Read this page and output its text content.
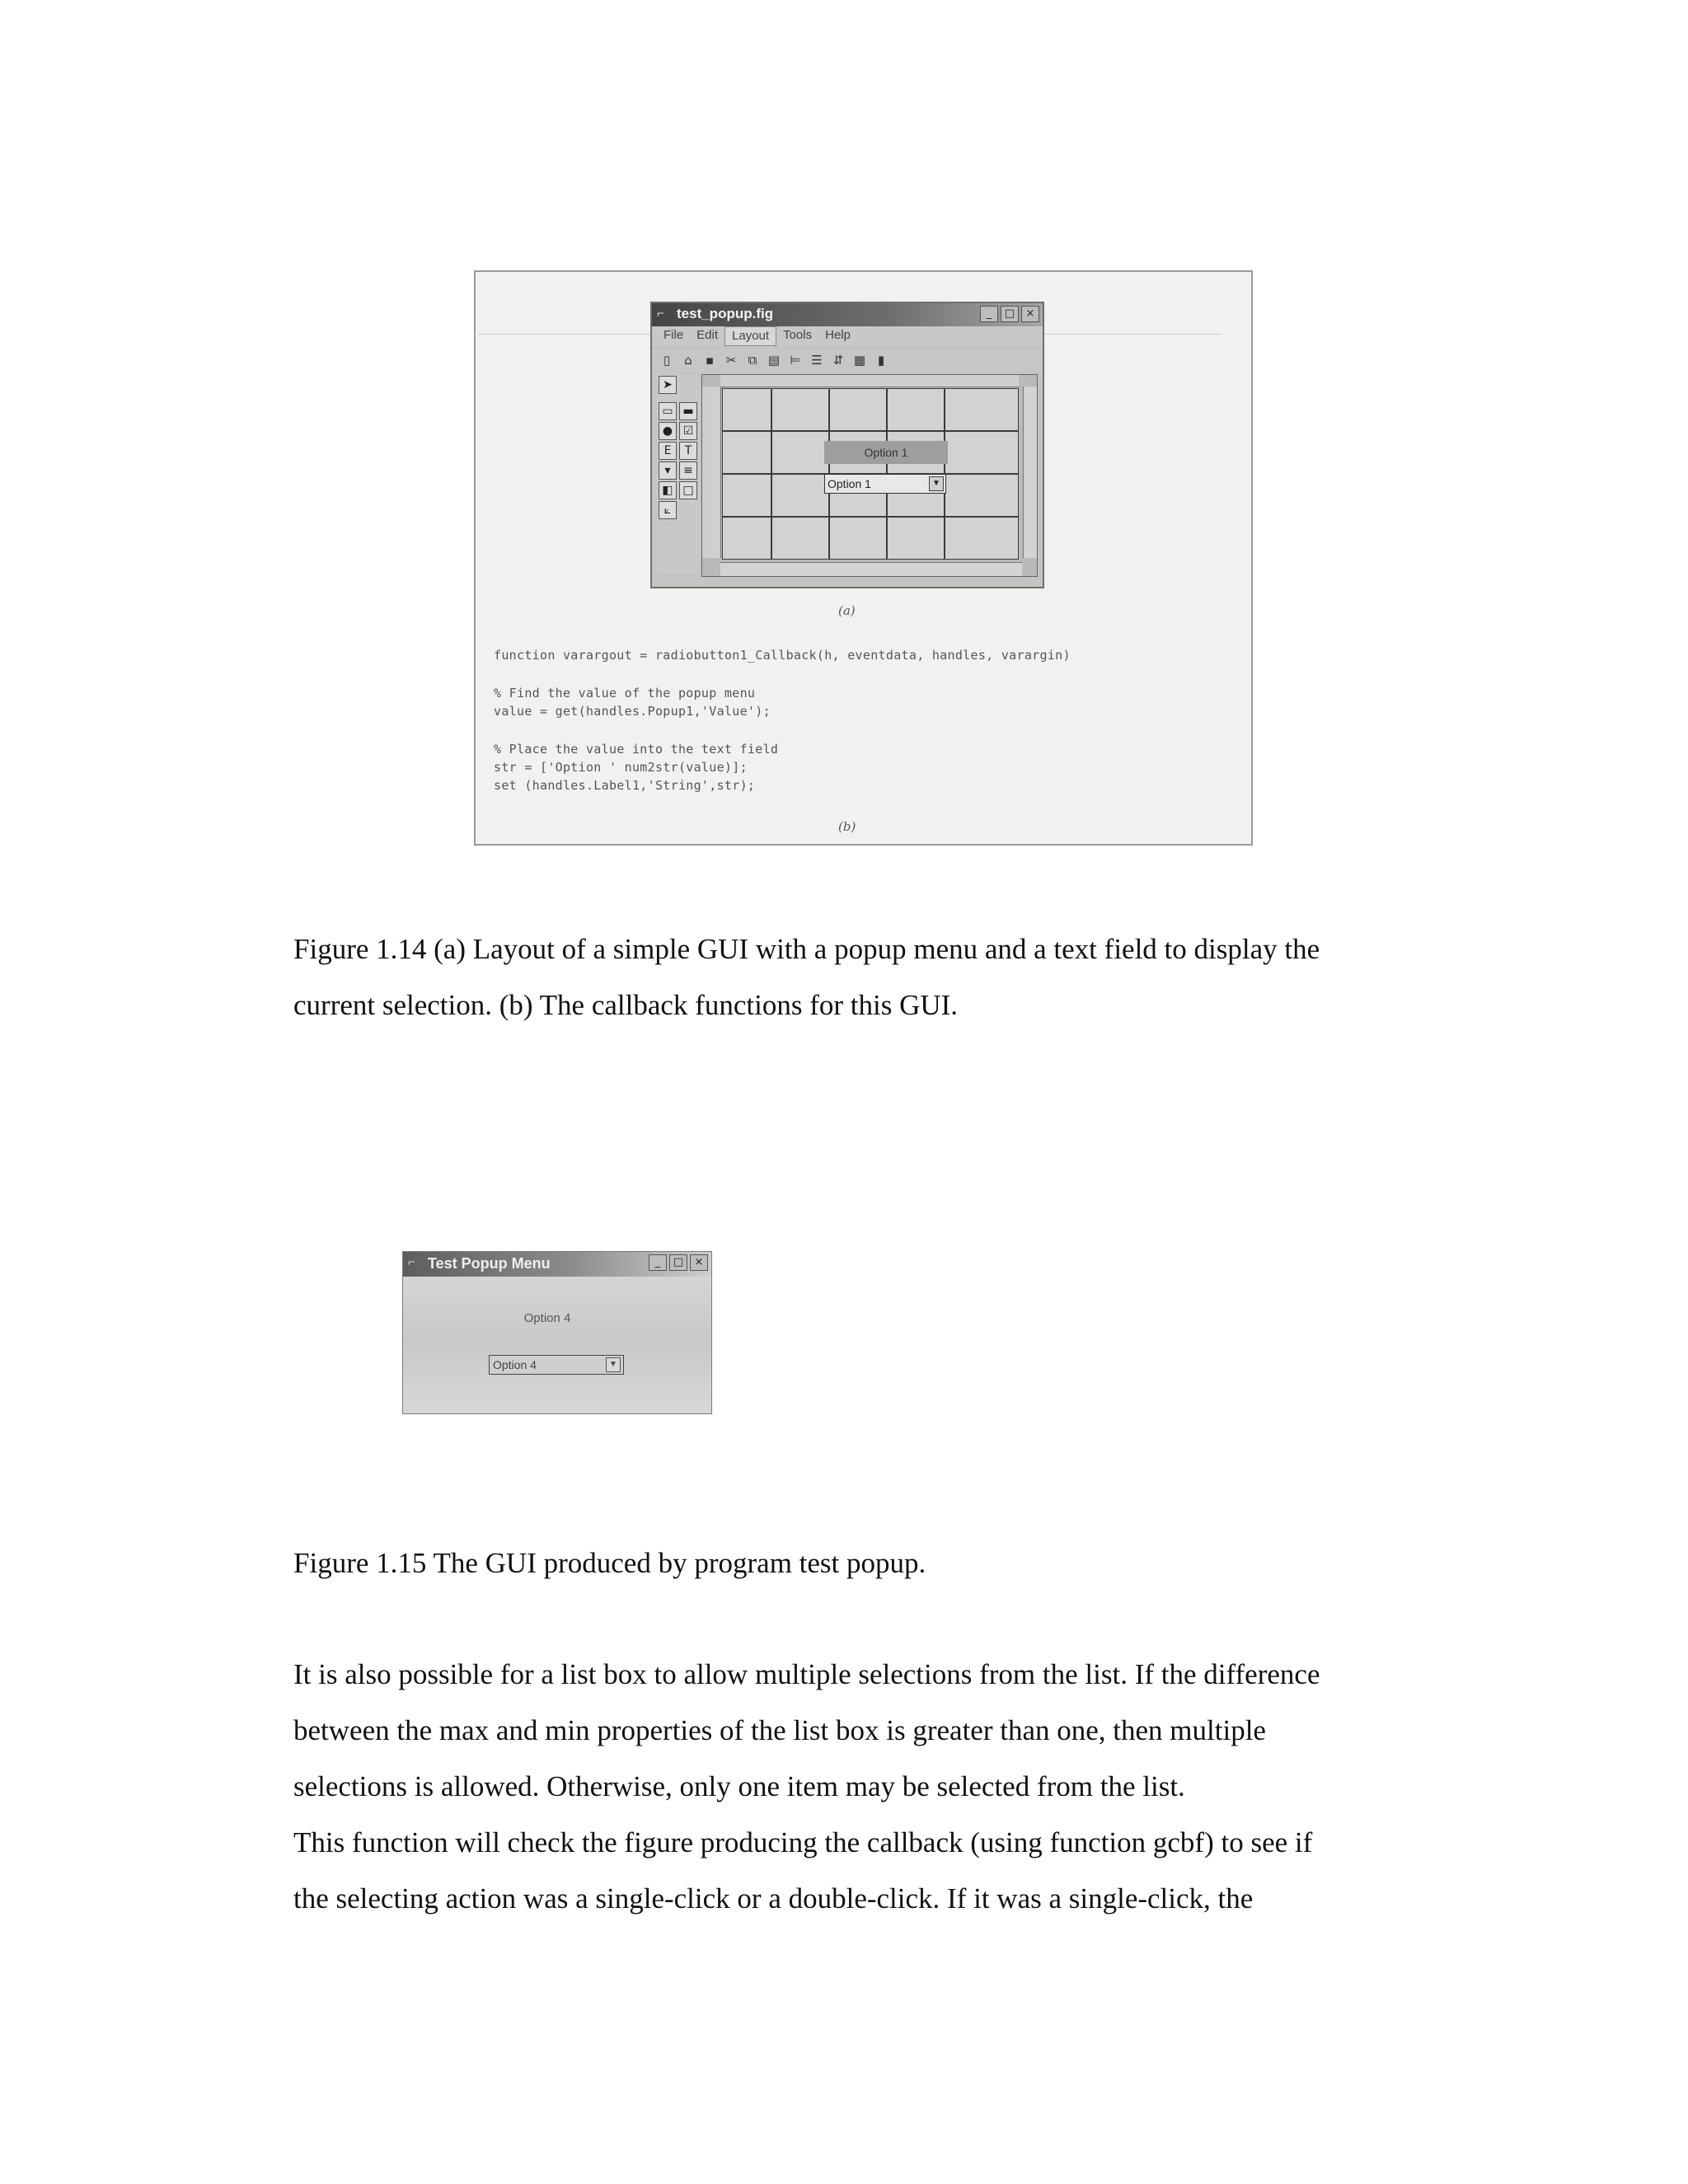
⌐ test_popup.fig	_	□	×
File	Edit	Layout	Tools	Help
▯	⌂	▪ ✂ ⧉ ▤ ⊨ ☰ ⇵ ▦ ▮
➤
▭ ▬
● ☑
E	T
▾	≡
◧ □
⟀
Option 1
Option 1	▼
(a)
function varargout = radiobutton1_Callback(h, eventdata, handles, varargin)
% Find the value of the popup menu
value = get(handles.Popup1,'Value');
% Place the value into the text field
str = ['Option ' num2str(value)];
set (handles.Label1,'String',str);
(b)

Figure 1.14 (a) Layout of a simple GUI with a popup menu and a text field to display the

current selection. (b) The callback functions for this GUI.

⌐ Test Popup Menu	_	□	×
Option 4
Option 4	▼

Figure 1.15 The GUI produced by program test popup.

It is also possible for a list box to allow multiple selections from the list. If the difference

between the max and min properties of the list box is greater than one, then multiple

selections is allowed. Otherwise, only one item may be selected from the list.

This function will check the figure producing the callback (using function gcbf) to see if

the selecting action was a single-click or a double-click. If it was a single-click, the
